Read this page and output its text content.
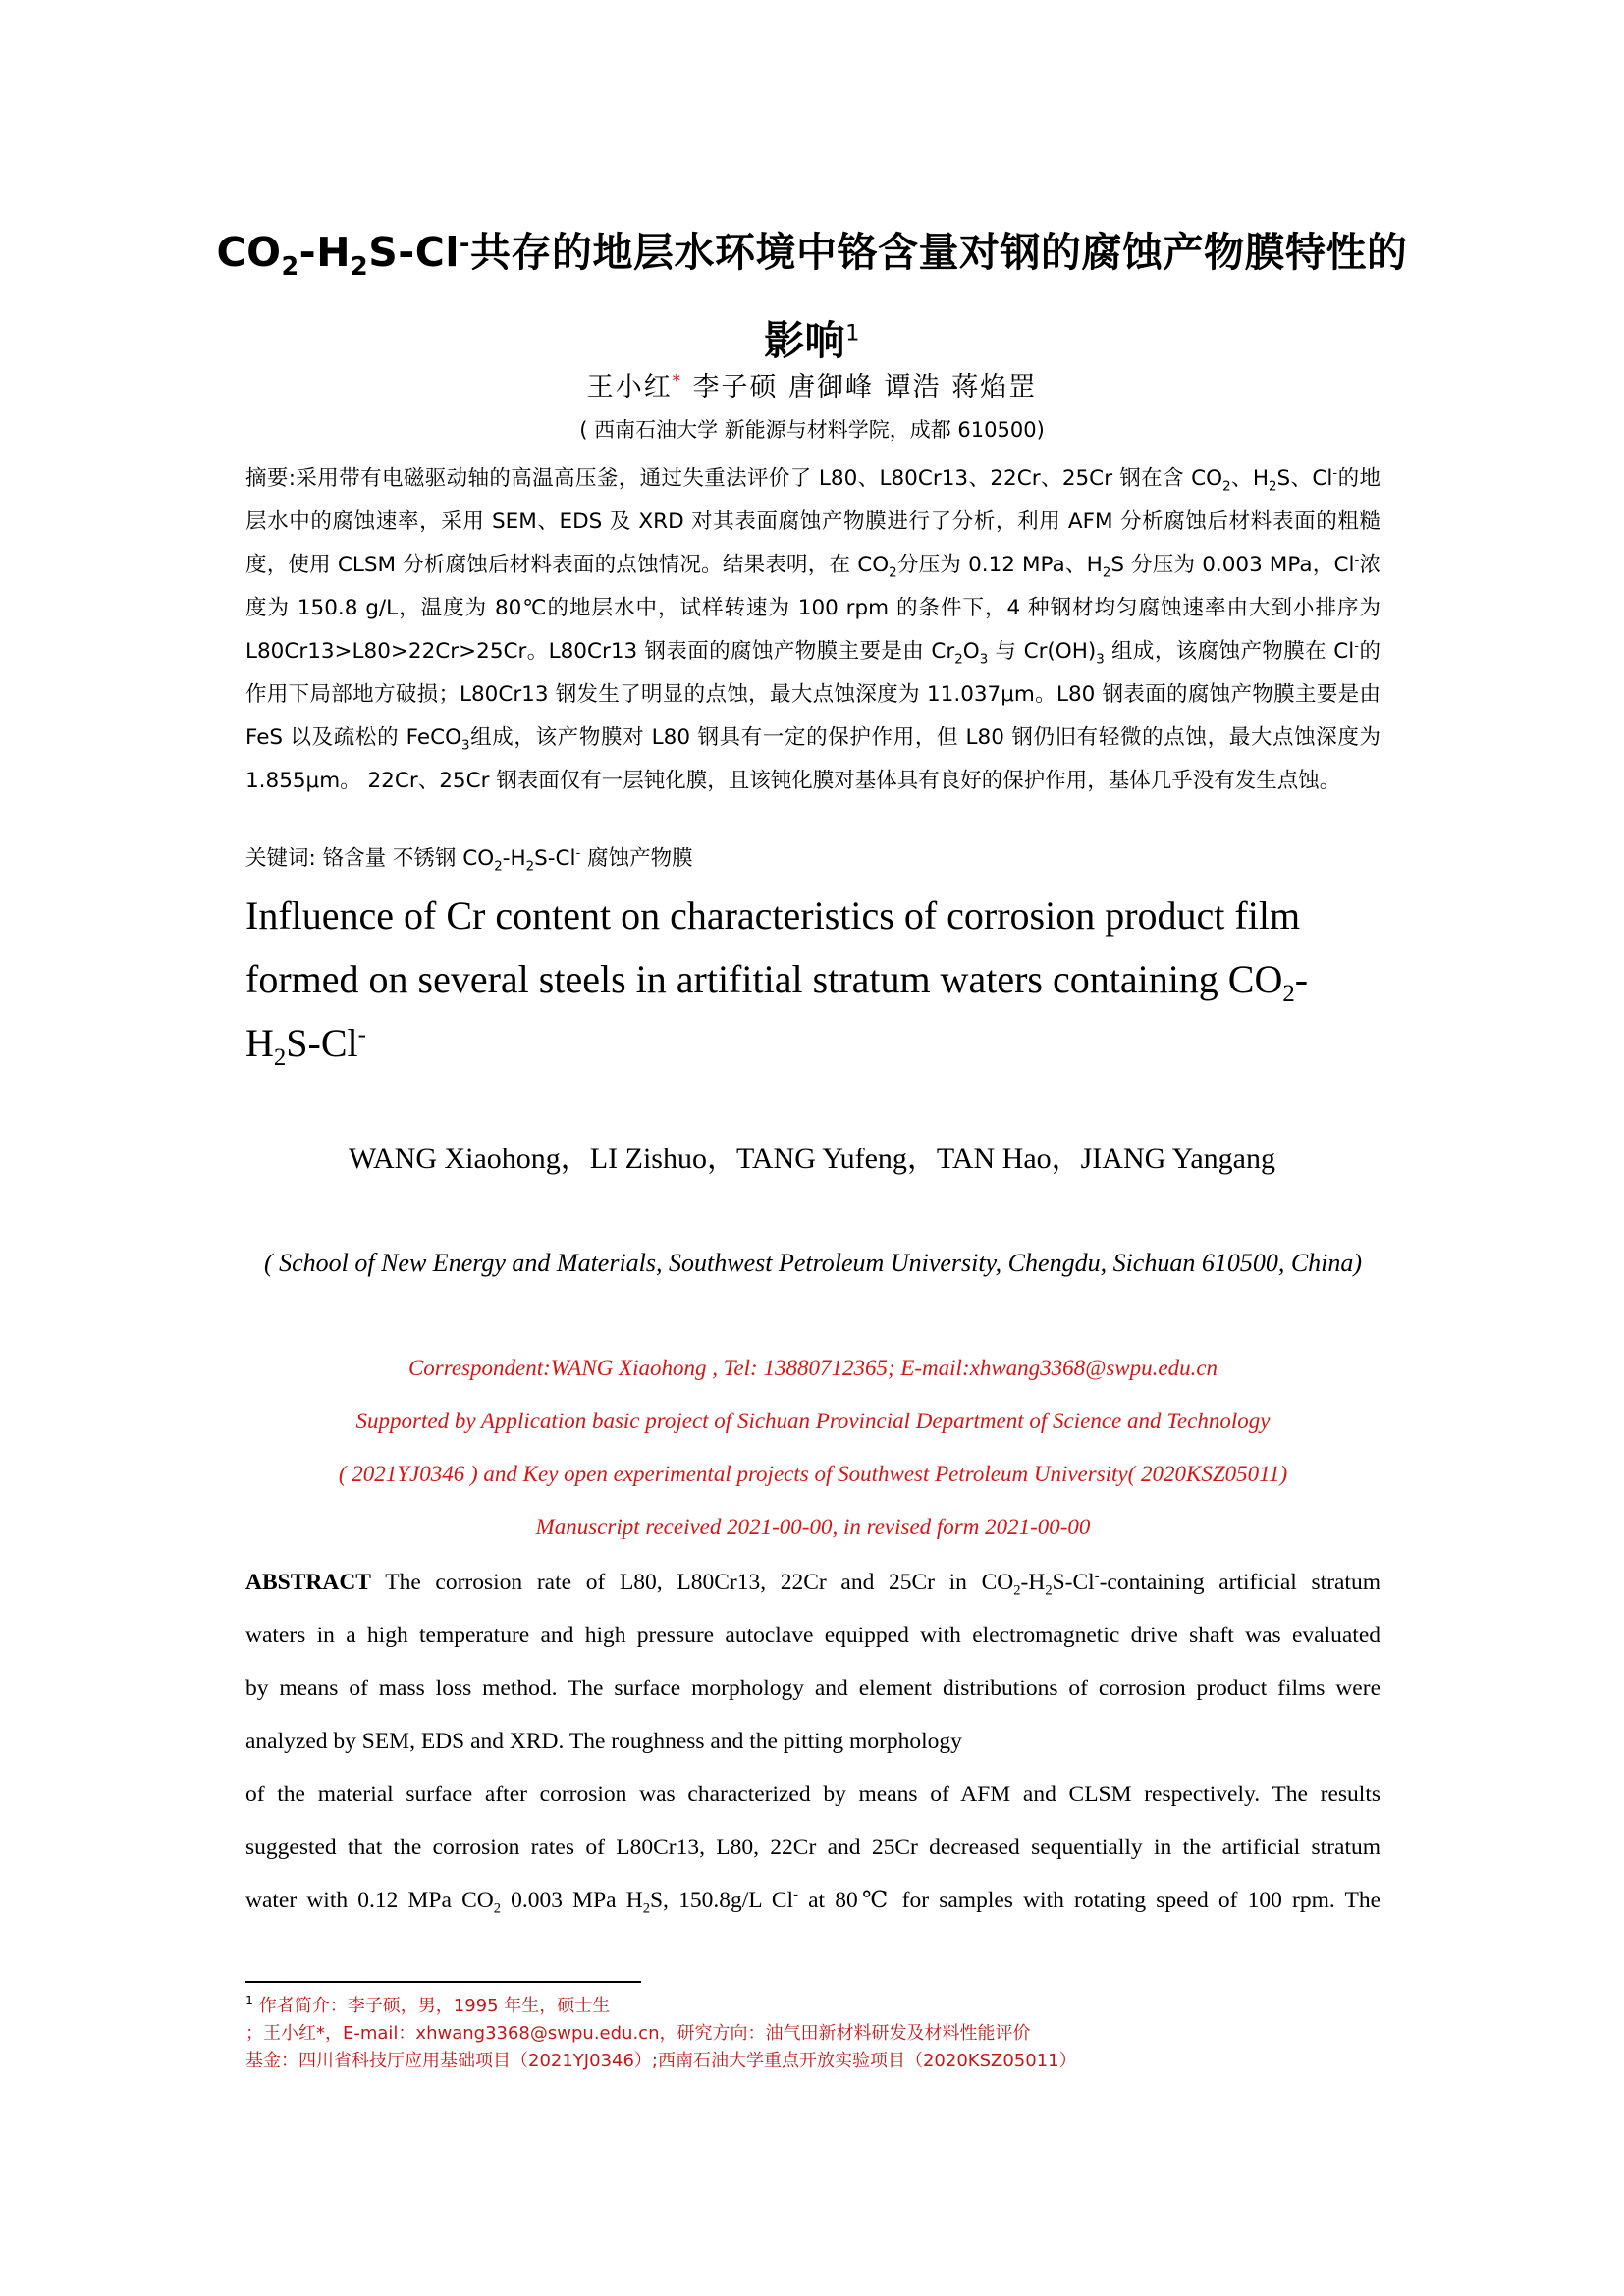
$CO_2-H_2S-Cl^-$共存的地层水环境中铬含量对钢的腐蚀产物膜特性的影响$^1$
王小红* 李子硕 唐御峰 谭浩 蒋焰罡
( 西南石油大学 新能源与材料学院，成都 610500)
摘要:采用带有电磁驱动轴的高温高压釜，通过失重法评价了 L80、L80Cr13、22Cr、25Cr 钢在含 $CO_2$、$H_2S$、Cl-的地层水中的腐蚀速率，采用 SEM、EDS 及 XRD 对其表面腐蚀产物膜进行了分析，利用 AFM 分析腐蚀后材料表面的粗糙度，使用 CLSM 分析腐蚀后材料表面的点蚀情况。结果表明，在 $CO_2$分压为 0.12 MPa、$H_2S$ 分压为 0.003 MPa，Cl-浓度为 150.8 g/L，温度为 80℃的地层水中，试样转速为 100 rpm 的条件下，4 种钢材均匀腐蚀速率由大到小排序为 L80Cr13>L80>22Cr>25Cr。L80Cr13 钢表面的腐蚀产物膜主要是由 $Cr_2O_3$ 与 $Cr(OH)_3$ 组成，该腐蚀产物膜在 Cl-的作用下局部地方破损；L80Cr13 钢发生了明显的点蚀，最大点蚀深度为 11.037μm。L80 钢表面的腐蚀产物膜主要是由 FeS 以及疏松的 FeCO$_3$组成，该产物膜对 L80 钢具有一定的保护作用，但 L80 钢仍旧有轻微的点蚀，最大点蚀深度为 1.855μm。 22Cr、25Cr 钢表面仅有一层钝化膜，且该钝化膜对基体具有良好的保护作用，基体几乎没有发生点蚀。
关键词: 铬含量 不锈钢 $CO_2-H_2S-Cl^-$ 腐蚀产物膜
Influence of Cr content on characteristics of corrosion product film formed on several steels in artifitial stratum waters containing $CO_2-H_2S-Cl^-$
WANG Xiaohong，LI Zishuo，TANG Yufeng，TAN Hao，JIANG Yangang
( School of New Energy and Materials, Southwest Petroleum University, Chengdu, Sichuan 610500, China)
Correspondent:WANG Xiaohong , Tel: 13880712365; E-mail:xhwang3368@swpu.edu.cn
Supported by Application basic project of Sichuan Provincial Department of Science and Technology
( 2021YJ0346 ) and Key open experimental projects of Southwest Petroleum University( 2020KSZ05011)
Manuscript received 2021-00-00, in revised form 2021-00-00
ABSTRACT The corrosion rate of L80, L80Cr13, 22Cr and 25Cr in $CO_2-H_2S-Cl^-$-containing artificial stratum
waters in a high temperature and high pressure autoclave equipped with electromagnetic drive shaft was evaluated
by means of mass loss method. The surface morphology and element distributions of corrosion product films were
analyzed by SEM, EDS and XRD. The roughness and the pitting morphology
of the material surface after corrosion was characterized by means of AFM and CLSM respectively. The results
suggested that the corrosion rates of L80Cr13, L80, 22Cr and 25Cr decreased sequentially in the artificial stratum
water with 0.12 MPa $CO_2$ 0.003 MPa $H_2S$, 150.8g/L Cl- at 80℃ for samples with rotating speed of 100 rpm. The
$^1$ 作者简介：李子硕，男，1995 年生，硕士生
；王小红*，E-mail：xhwang3368@swpu.edu.cn，研究方向：油气田新材料研发及材料性能评价
基金：四川省科技厅应用基础项目（2021YJ0346）;西南石油大学重点开放实验项目（2020KSZ05011）
